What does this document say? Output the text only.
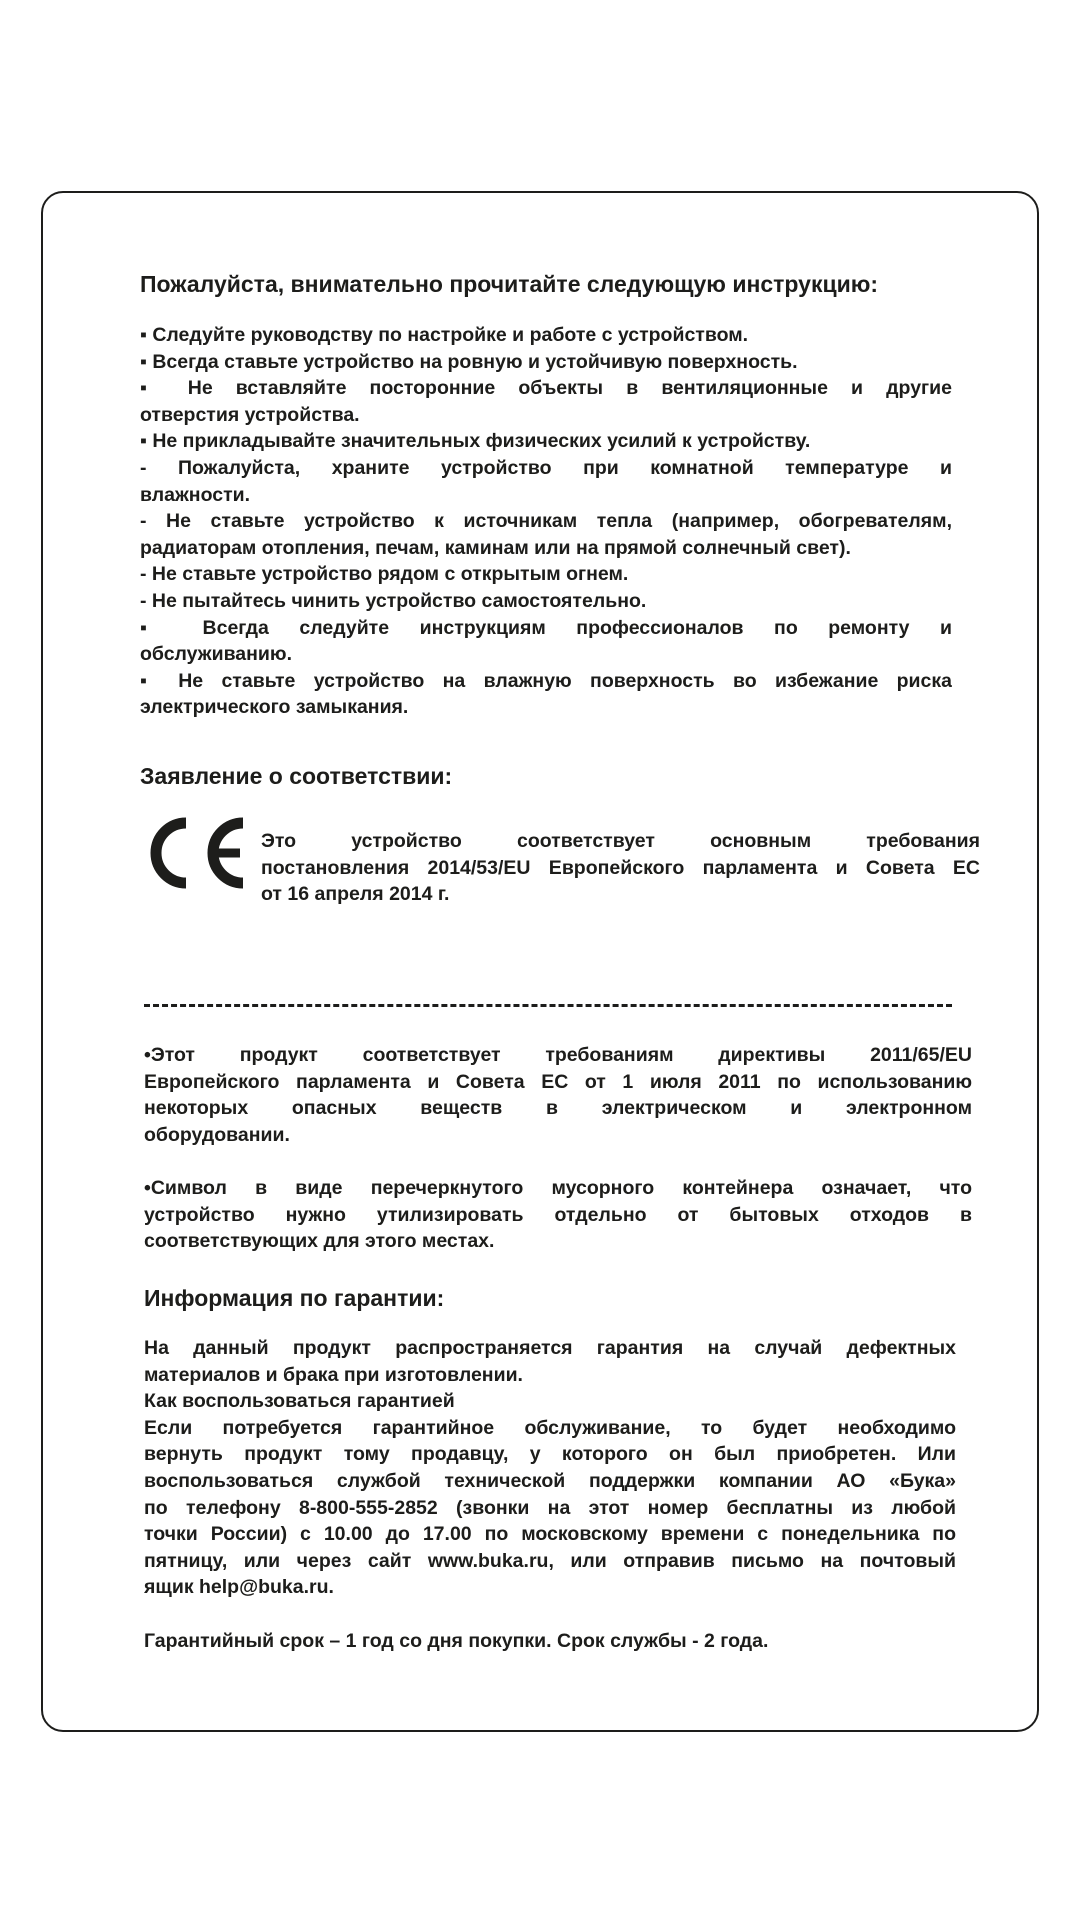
Пожалуйста, внимательно прочитайте следующую инструкцию:
▪ Следуйте руководству по настройке и работе с устройством.
▪ Всегда ставьте устройство на ровную и устойчивую поверхность.
▪ Не вставляйте посторонние объекты в вентиляционные и другие
отверстия устройства.
▪ Не прикладывайте значительных физических усилий к устройству.
- Пожалуйста, храните устройство при комнатной температуре и
влажности.
- Не ставьте устройство к источникам тепла (например, обогревателям,
радиаторам отопления, печам, каминам или на прямой солнечный свет).
- Не ставьте устройство рядом с открытым огнем.
- Не пытайтесь чинить устройство самостоятельно.
▪ Всегда следуйте инструкциям профессионалов по ремонту и
обслуживанию.
▪ Не ставьте устройство на влажную поверхность во избежание риска
электрического замыкания.
Заявление о соответствии:
Это устройство соответствует основным требования
постановления 2014/53/EU Европейского парламента и Совета ЕС
от 16 апреля 2014 г.
•Этот продукт соответствует требованиям директивы 2011/65/EU
Европейского парламента и Совета ЕС от 1 июля 2011 по использованию
некоторых опасных веществ в электрическом и электронном
оборудовании.
•Символ в виде перечеркнутого мусорного контейнера означает, что
устройство нужно утилизировать отдельно от бытовых отходов в
соответствующих для этого местах.
Информация по гарантии:
На данный продукт распространяется гарантия на случай дефектных
материалов и брака при изготовлении.
Как воспользоваться гарантией
Если потребуется гарантийное обслуживание, то будет необходимо
вернуть продукт тому продавцу, у которого он был приобретен. Или
воспользоваться службой технической поддержки компании АО «Бука»
по телефону 8-800-555-2852 (звонки на этот номер бесплатны из любой
точки России) с 10.00 до 17.00 по московскому времени с понедельника по
пятницу, или через сайт www.buka.ru, или отправив письмо на почтовый
ящик help@buka.ru.
Гарантийный срок – 1 год со дня покупки. Срок службы - 2 года.
